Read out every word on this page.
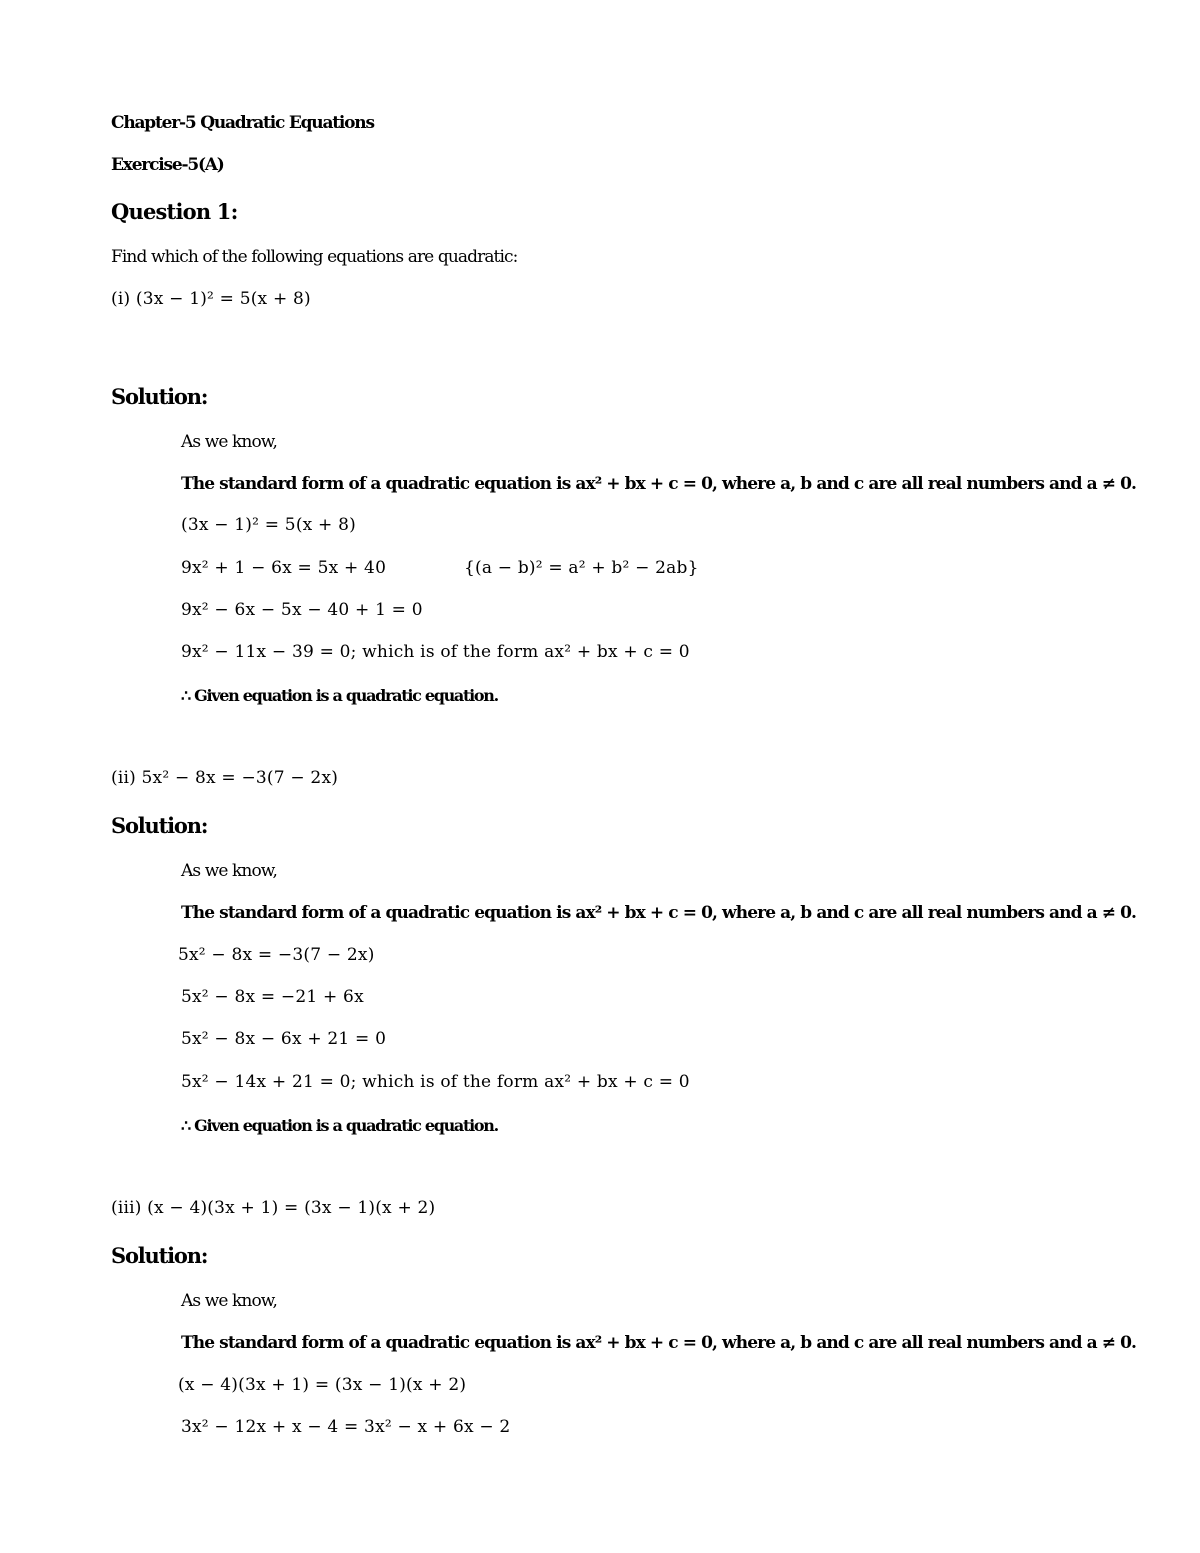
Chapter-5 Quadratic Equations
Exercise-5(A)
Question 1:
Find which of the following equations are quadratic:
(i) (3x − 1)² = 5(x + 8)
Solution:
As we know,
The standard form of a quadratic equation is ax² + bx + c = 0, where a, b and c are all real numbers and a ≠ 0.
(3x − 1)² = 5(x + 8)
9x² + 1 − 6x = 5x + 40	{(a − b)² = a² + b² − 2ab}
9x² − 6x − 5x − 40 + 1 = 0
9x² − 11x − 39 = 0; which is of the form ax² + bx + c = 0
∴ Given equation is a quadratic equation.
(ii) 5x² − 8x = −3(7 − 2x)
Solution:
As we know,
The standard form of a quadratic equation is ax² + bx + c = 0, where a, b and c are all real numbers and a ≠ 0.
5x² − 8x = −3(7 − 2x)
5x² − 8x = −21 + 6x
5x² − 8x − 6x + 21 = 0
5x² − 14x + 21 = 0; which is of the form ax² + bx + c = 0
∴ Given equation is a quadratic equation.
(iii) (x − 4)(3x + 1) = (3x − 1)(x + 2)
Solution:
As we know,
The standard form of a quadratic equation is ax² + bx + c = 0, where a, b and c are all real numbers and a ≠ 0.
(x − 4)(3x + 1) = (3x − 1)(x + 2)
3x² − 12x + x − 4 = 3x² − x + 6x − 2
